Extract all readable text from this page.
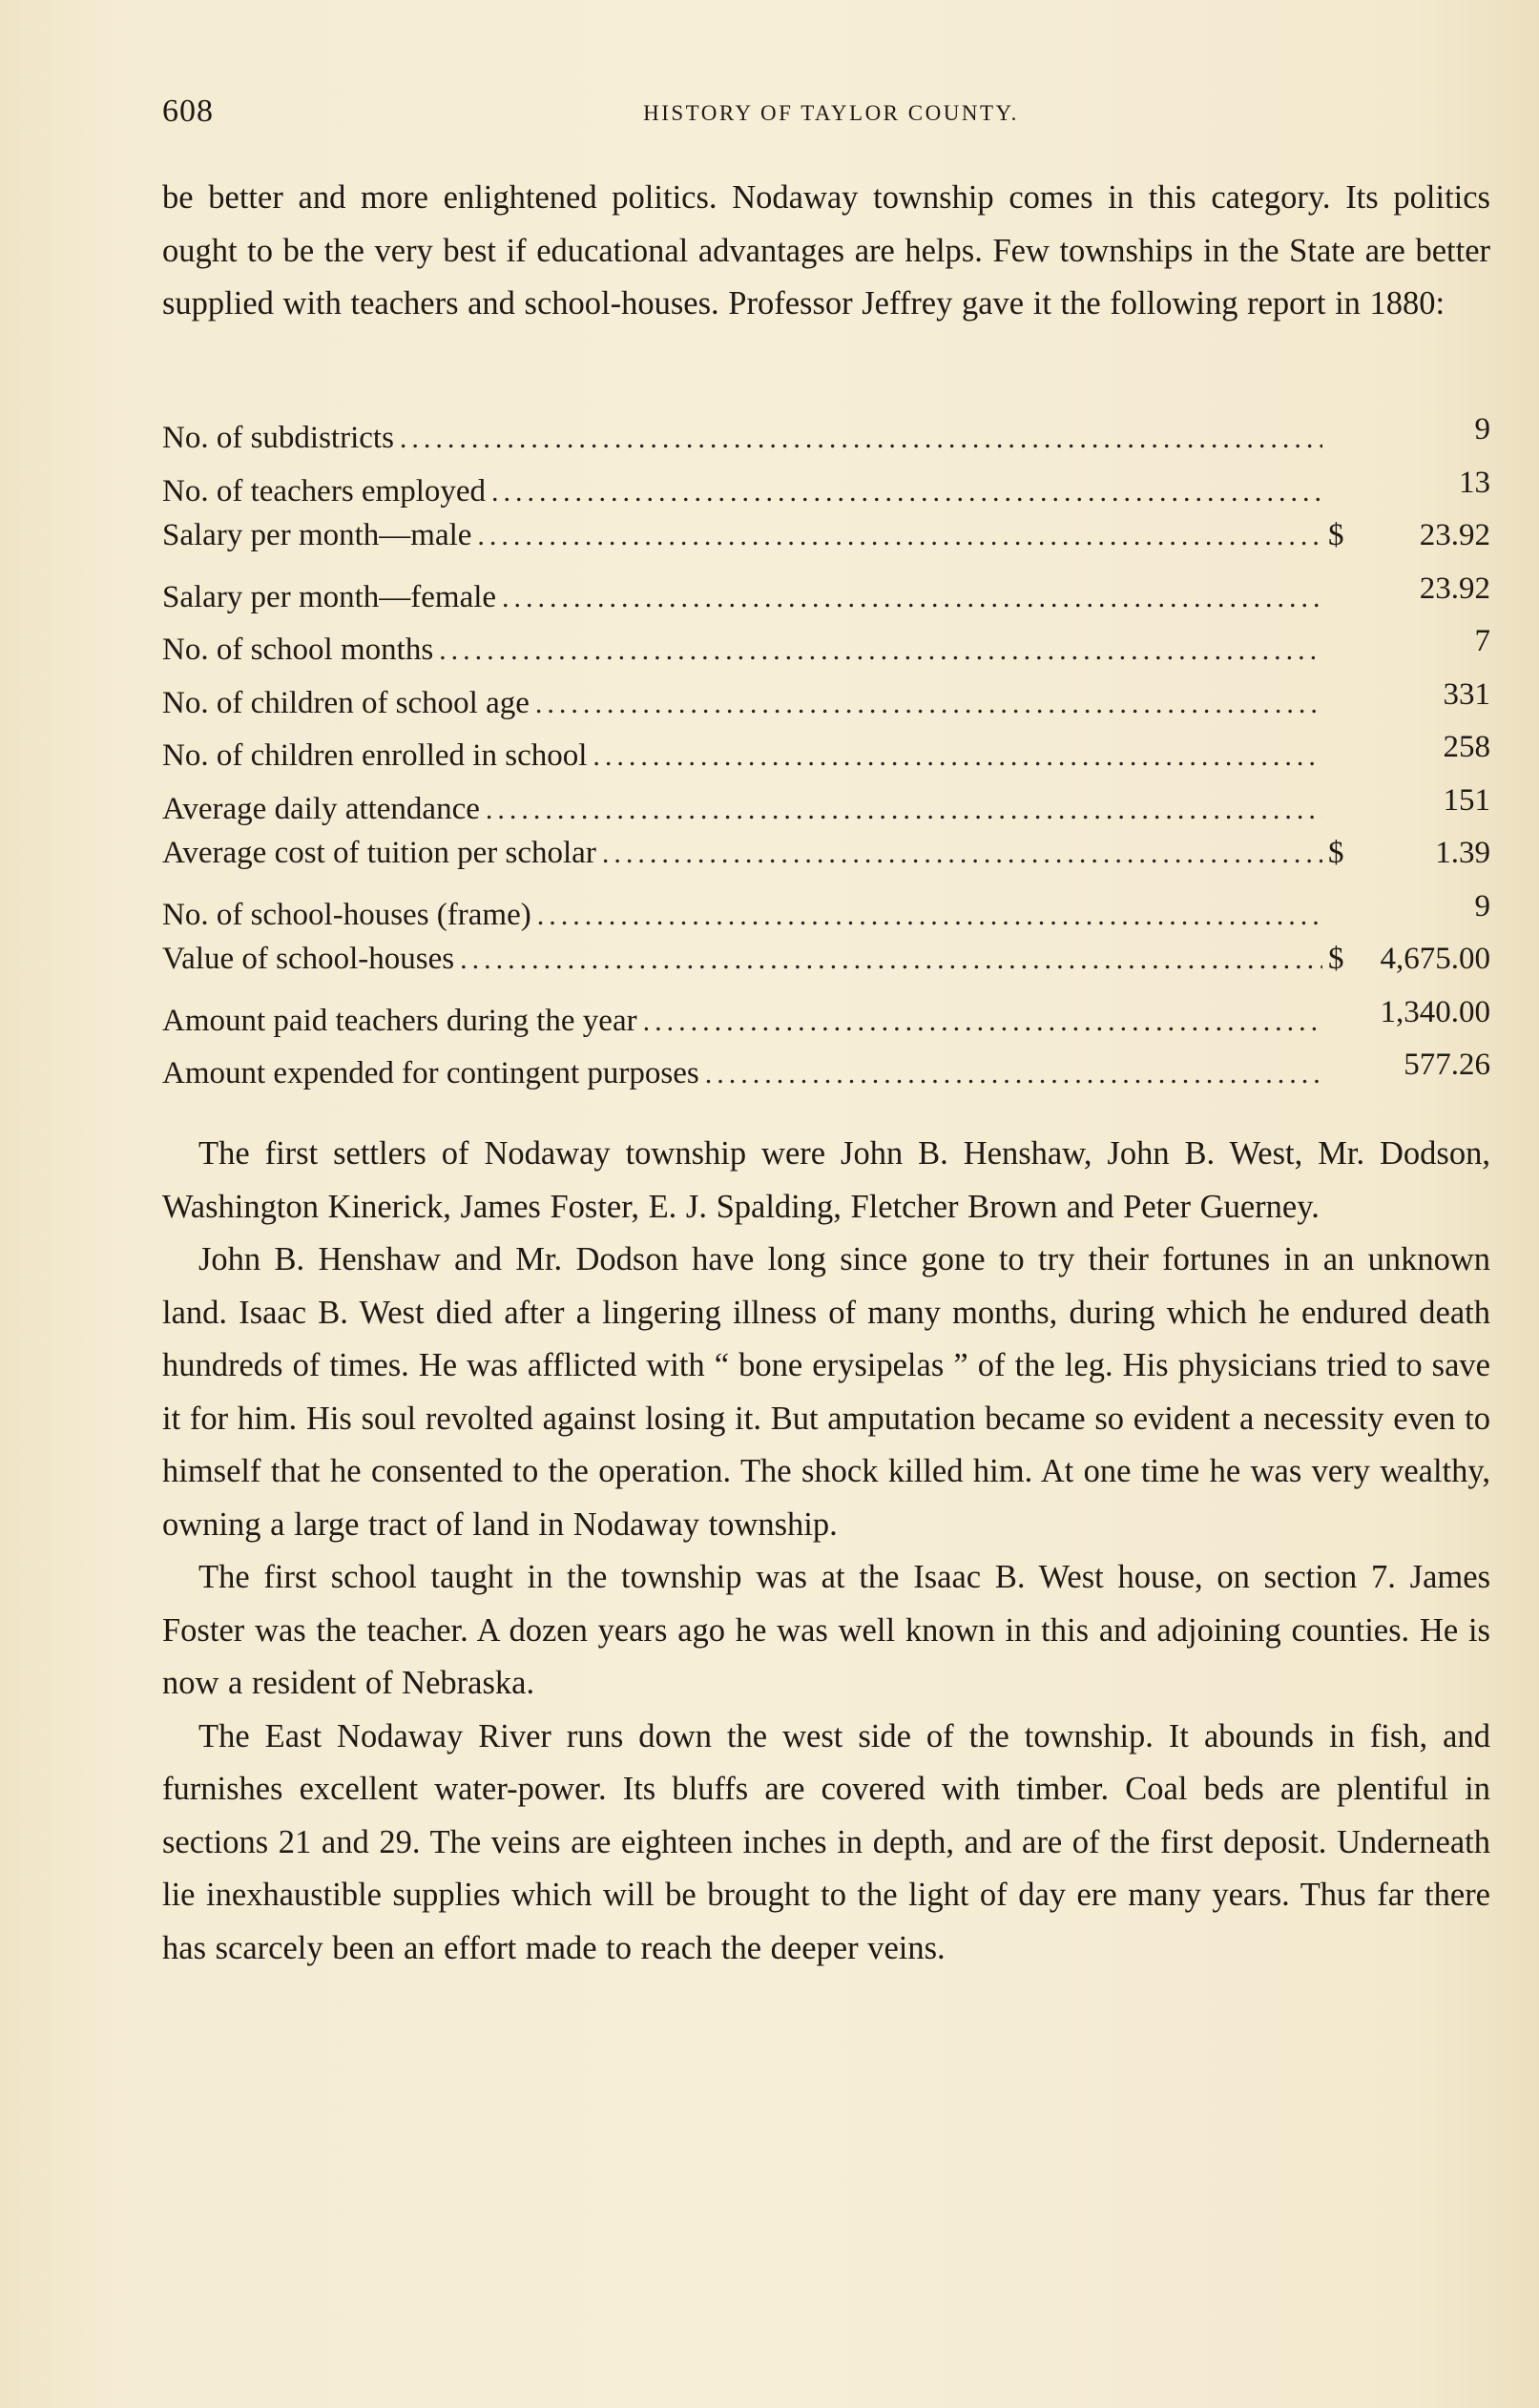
608	HISTORY OF TAYLOR COUNTY.
be better and more enlightened politics. Nodaway township comes in this category. Its politics ought to be the very best if educational advantages are helps. Few townships in the State are better supplied with teachers and school-houses. Professor Jeffrey gave it the following report in 1880:
No. of subdistricts .....	9
No. of teachers employed .....	13
Salary per month—male .....	$	23.92
Salary per month—female .....	23.92
No. of school months .....	7
No. of children of school age .....	331
No. of children enrolled in school .....	258
Average daily attendance .....	151
Average cost of tuition per scholar .....	$	1.39
No. of school-houses (frame) .....	9
Value of school-houses .....	$	4,675.00
Amount paid teachers during the year .....	1,340.00
Amount expended for contingent purposes .....	577.26

The first settlers of Nodaway township were John B. Henshaw, John B. West, Mr. Dodson, Washington Kinerick, James Foster, E. J. Spalding, Fletcher Brown and Peter Guerney.

John B. Henshaw and Mr. Dodson have long since gone to try their fortunes in an unknown land. Isaac B. West died after a lingering illness of many months, during which he endured death hundreds of times. He was afflicted with “ bone erysipelas ” of the leg. His physicians tried to save it for him. His soul revolted against losing it. But amputation became so evident a necessity even to himself that he consented to the operation. The shock killed him. At one time he was very wealthy, owning a large tract of land in Nodaway township.

The first school taught in the township was at the Isaac B. West house, on section 7. James Foster was the teacher. A dozen years ago he was well known in this and adjoining counties. He is now a resident of Nebraska.

The East Nodaway River runs down the west side of the township. It abounds in fish, and furnishes excellent water-power. Its bluffs are covered with timber. Coal beds are plentiful in sections 21 and 29. The veins are eighteen inches in depth, and are of the first deposit. Underneath lie inexhaustible supplies which will be brought to the light of day ere many years. Thus far there has scarcely been an effort made to reach the deeper veins.
